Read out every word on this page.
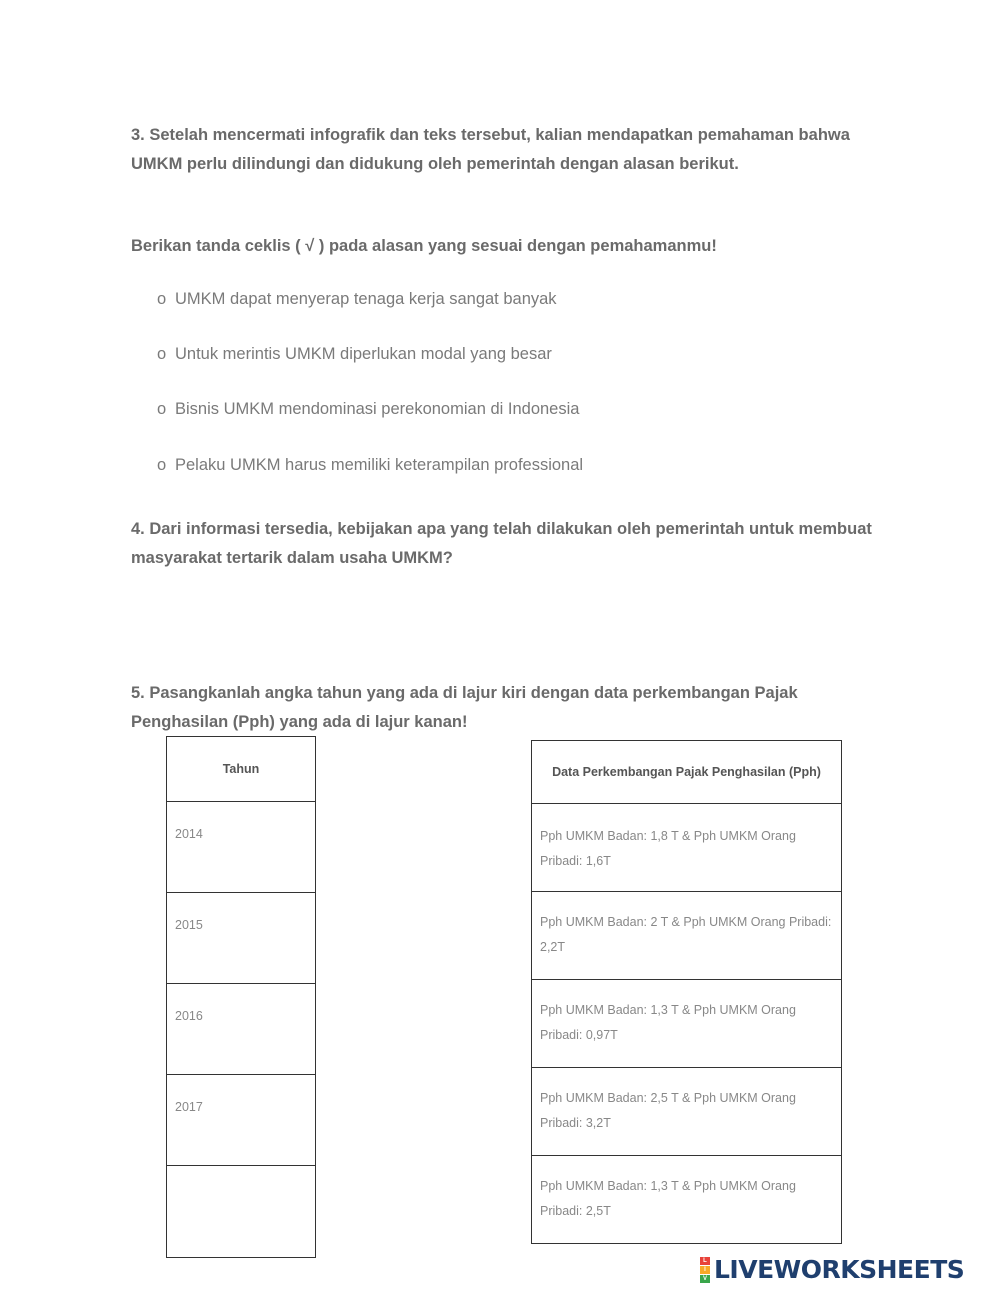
3. Setelah mencermati infografik dan teks tersebut, kalian mendapatkan pemahaman bahwa

UMKM perlu dilindungi dan didukung oleh pemerintah dengan alasan berikut.

Berikan tanda ceklis ( √ ) pada alasan yang sesuai dengan pemahamanmu!

o UMKM dapat menyerap tenaga kerja sangat banyak
o Untuk merintis UMKM diperlukan modal yang besar
o Bisnis UMKM mendominasi perekonomian di Indonesia
o Pelaku UMKM harus memiliki keterampilan professional

4. Dari informasi tersedia, kebijakan apa yang telah dilakukan oleh pemerintah untuk membuat

masyarakat tertarik dalam usaha UMKM?

5. Pasangkanlah angka tahun yang ada di lajur kiri dengan data perkembangan Pajak

Penghasilan (Pph) yang ada di lajur kanan!

Tahun
2014
2015
2016
2017

Data Perkembangan Pajak Penghasilan (Pph)

Pph UMKM Badan: 1,8 T & Pph UMKM Orang
Pribadi: 1,6T

Pph UMKM Badan: 2 T & Pph UMKM Orang Pribadi:
2,2T

Pph UMKM Badan: 1,3 T & Pph UMKM Orang
Pribadi: 0,97T

Pph UMKM Badan: 2,5 T & Pph UMKM Orang
Pribadi: 3,2T

Pph UMKM Badan: 1,3 T & Pph UMKM Orang
Pribadi: 2,5T
L
I
V LIVEWORKSHEETS
